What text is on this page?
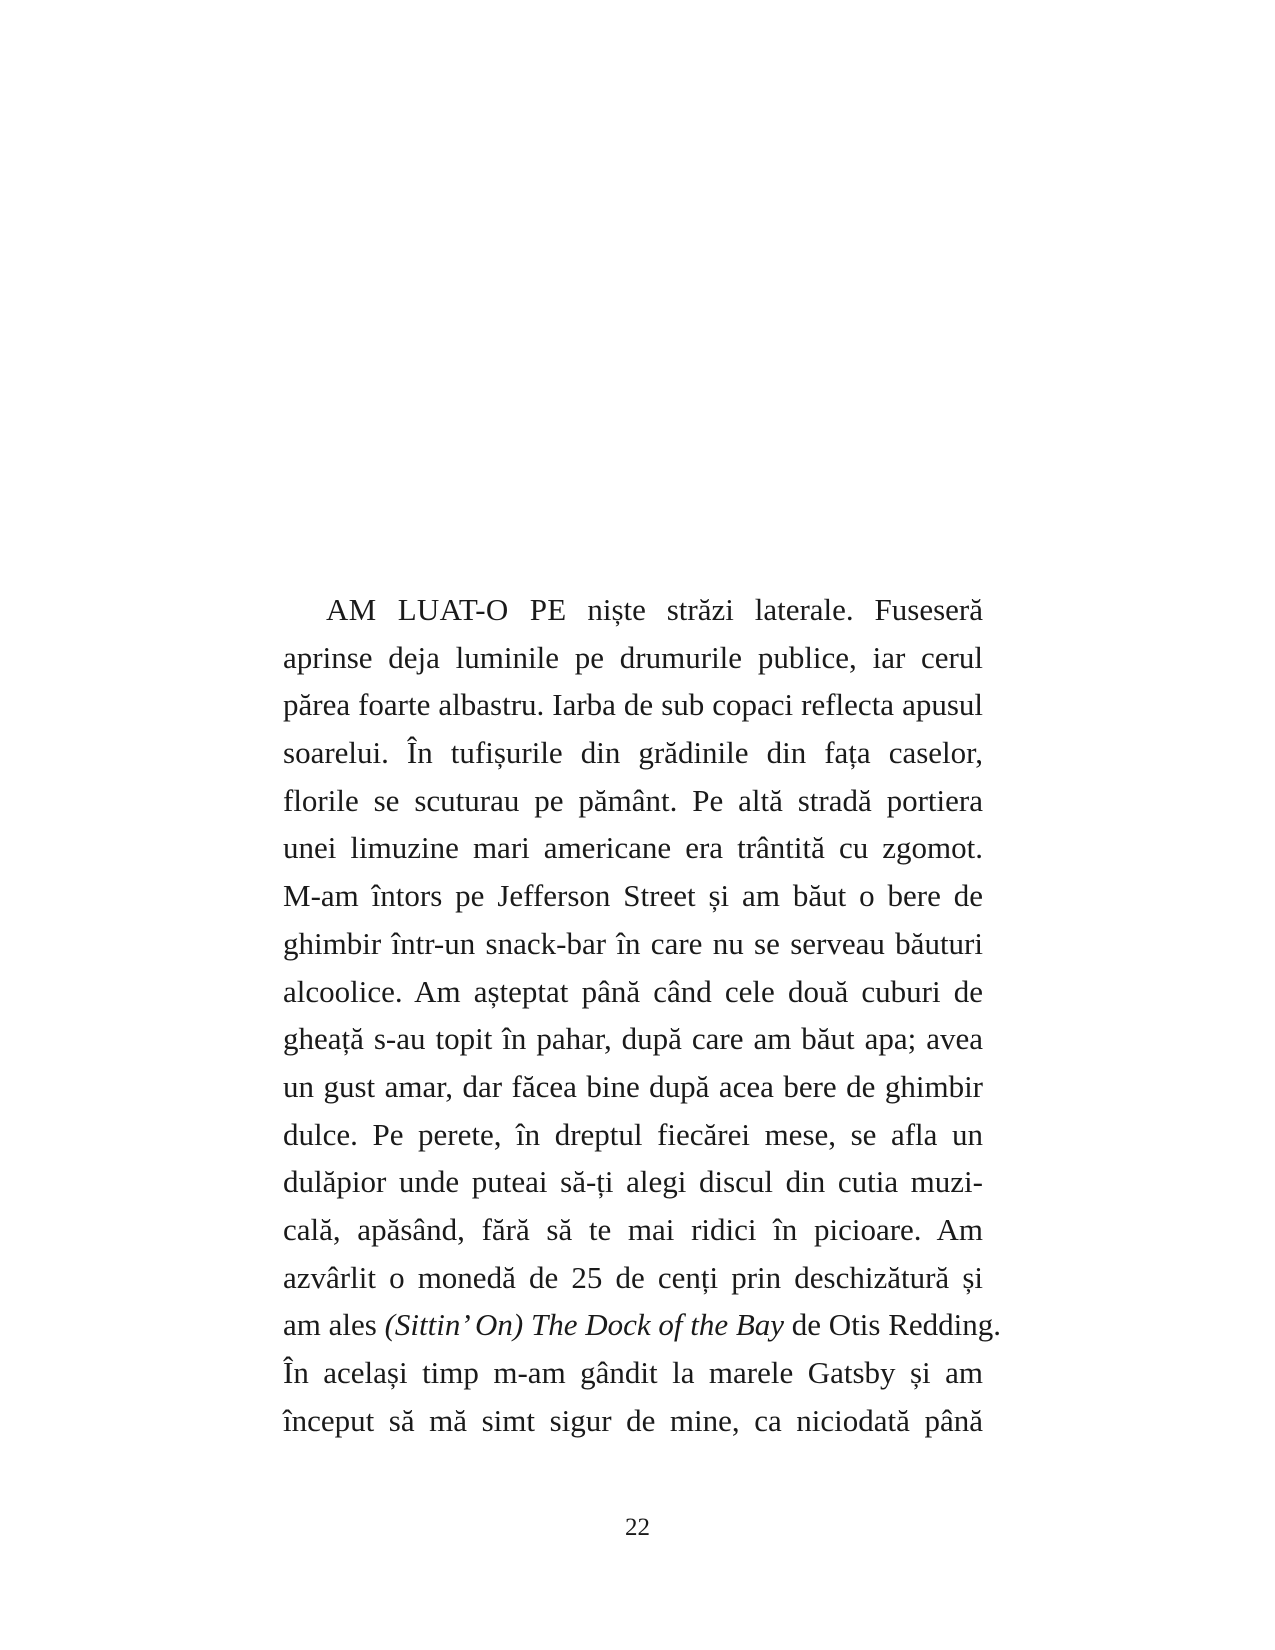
AM LUAT-O PE niște străzi laterale. Fuseseră
aprinse deja luminile pe drumurile publice, iar cerul
părea foarte albastru. Iarba de sub copaci reflecta apusul
soarelui. În tufișurile din grădinile din fața caselor,
florile se scuturau pe pământ. Pe altă stradă portiera
unei limuzine mari americane era trântită cu zgomot.
M-am întors pe Jefferson Street și am băut o bere de
ghimbir într-un snack-bar în care nu se serveau băuturi
alcoolice. Am așteptat până când cele două cuburi de
gheață s-au topit în pahar, după care am băut apa; avea
un gust amar, dar făcea bine după acea bere de ghimbir
dulce. Pe perete, în dreptul fiecărei mese, se afla un
dulăpior unde puteai să-ți alegi discul din cutia muzi-
cală, apăsând, fără să te mai ridici în picioare. Am
azvârlit o monedă de 25 de cenți prin deschizătură și
am ales (Sittin’ On) The Dock of the Bay de Otis Redding.
În același timp m-am gândit la marele Gatsby și am
început să mă simt sigur de mine, ca niciodată până
22
